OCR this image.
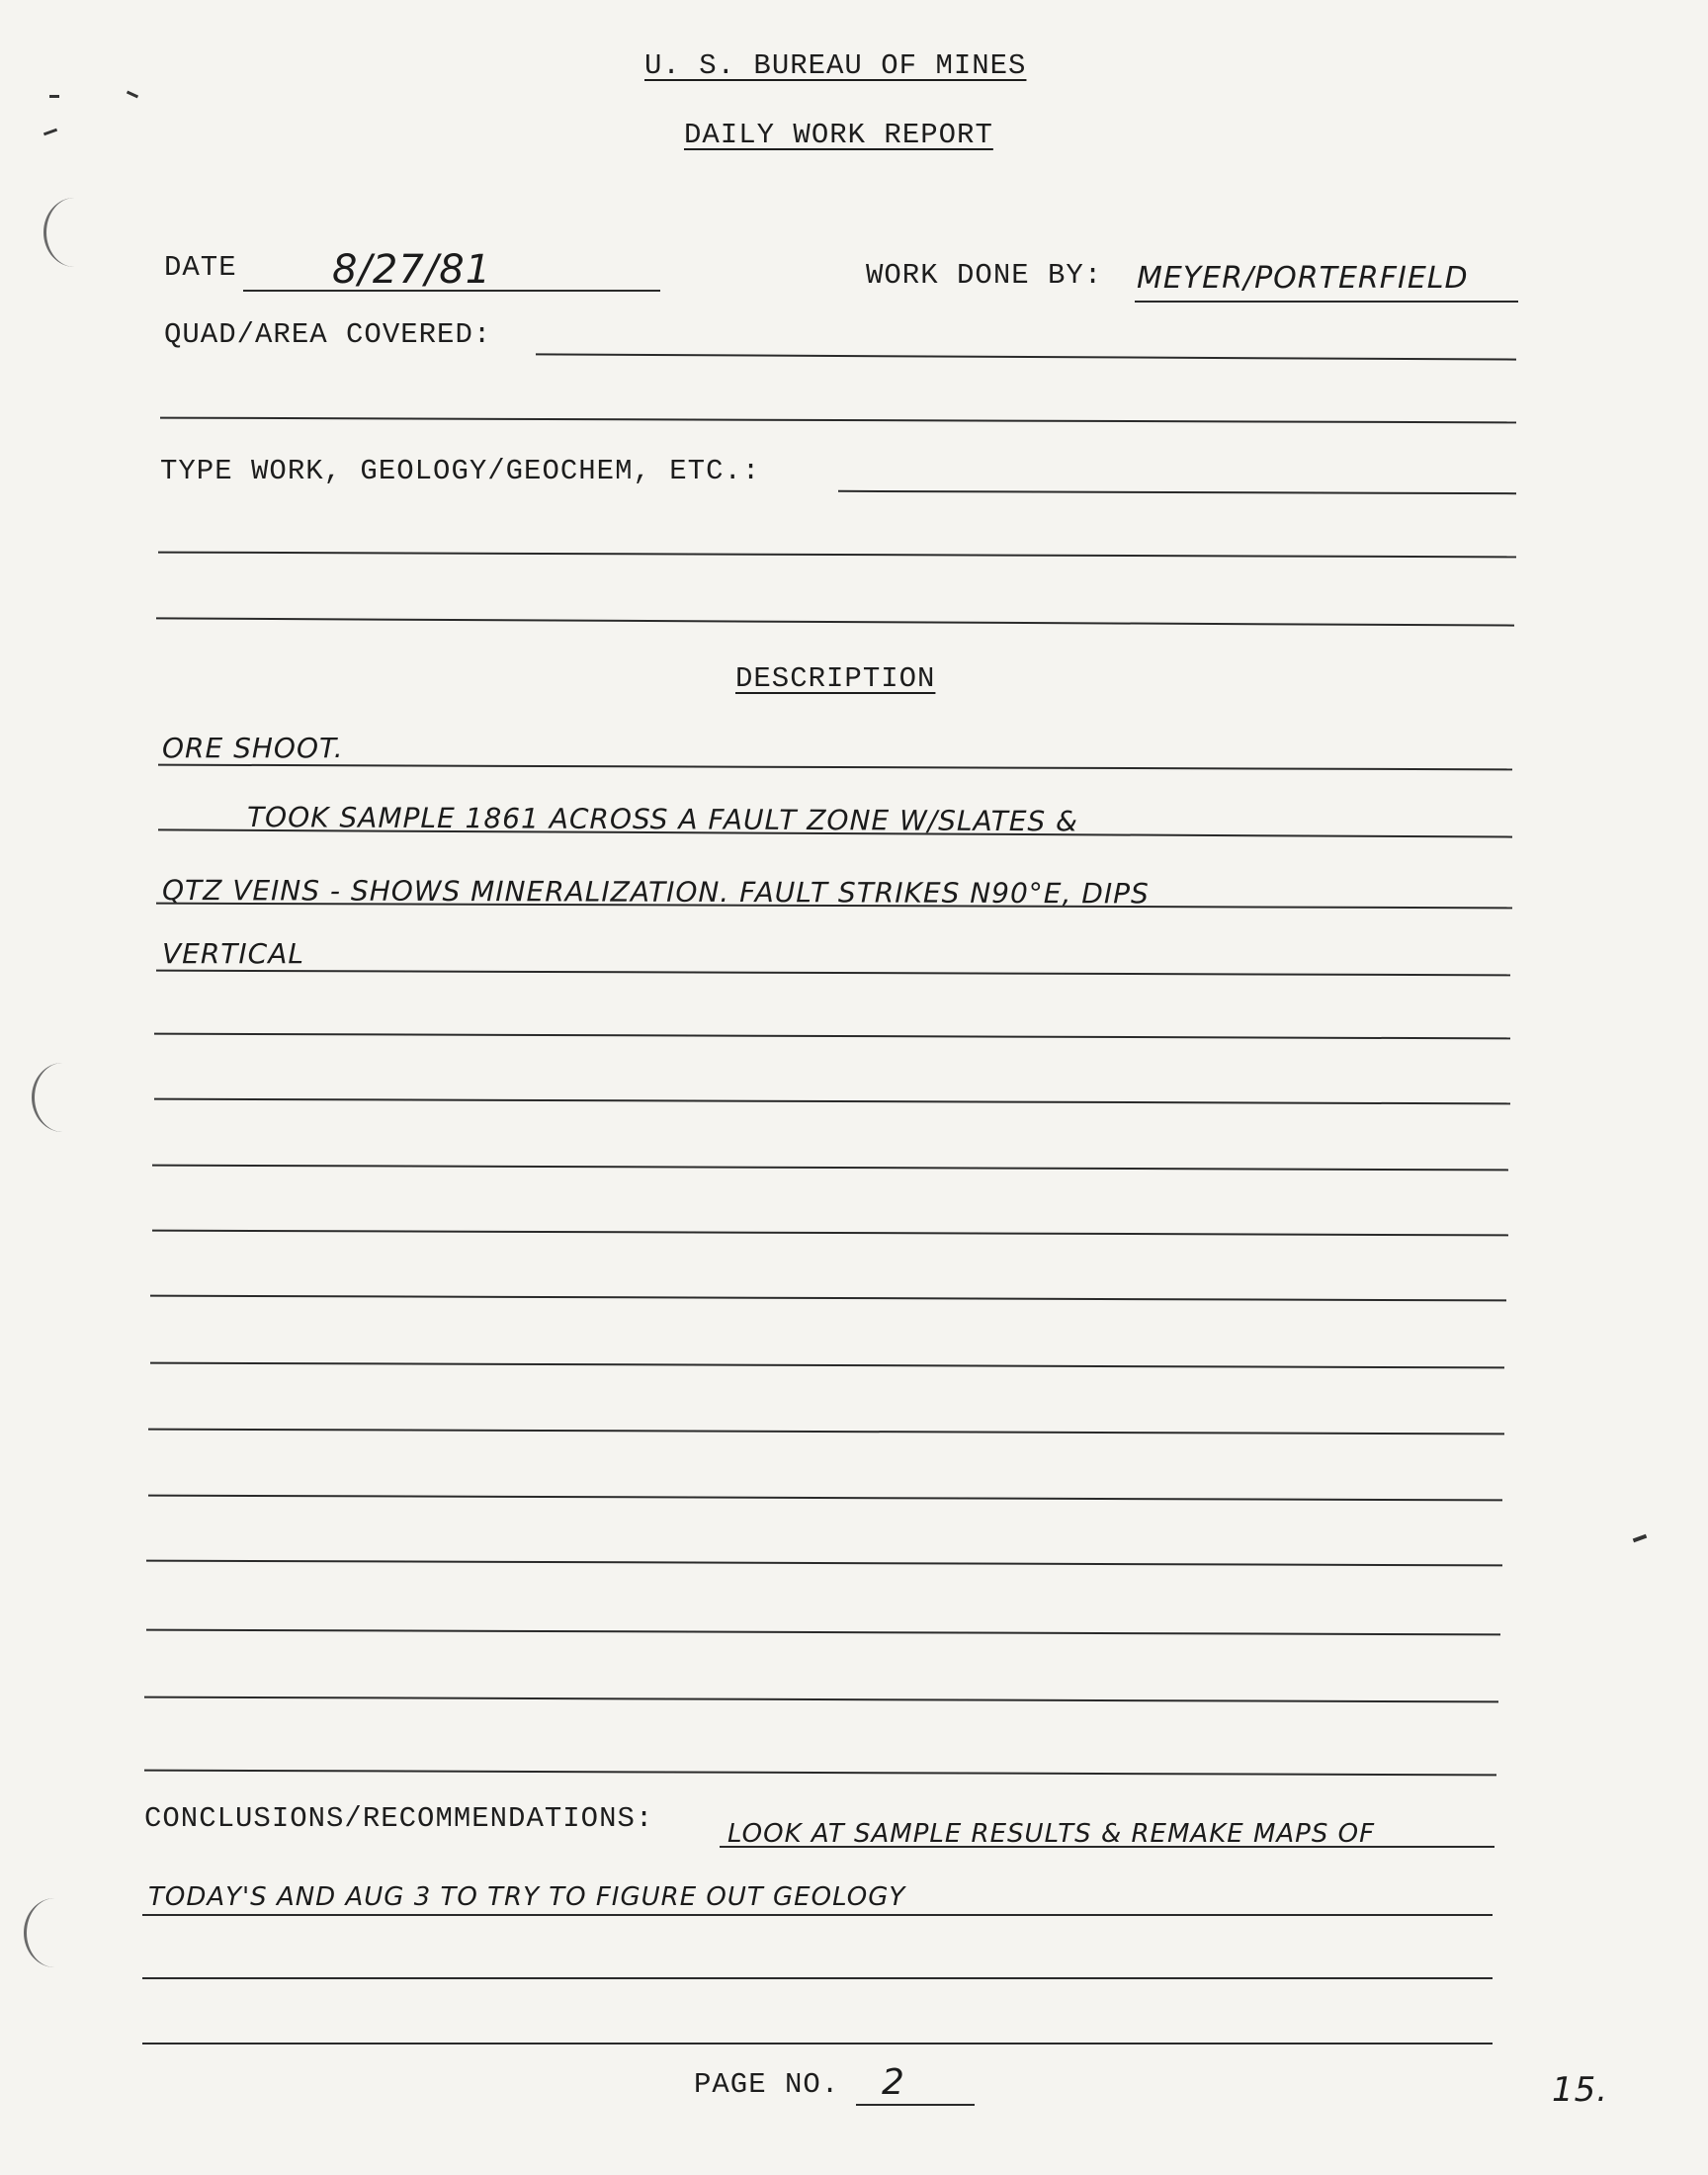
U. S. BUREAU OF MINES
DAILY WORK REPORT
DATE 8/27/81	WORK DONE BY: MEYER/PORTERFIELD
QUAD/AREA COVERED:
TYPE WORK, GEOLOGY/GEOCHEM, ETC.:
DESCRIPTION
ORE SHOOT.
TOOK SAMPLE 1861 ACROSS A FAULT ZONE W/SLATES &
QTZ VEINS - SHOWS MINERALIZATION. FAULT STRIKES N90°E, DIPS
VERTICAL
CONCLUSIONS/RECOMMENDATIONS:	LOOK AT SAMPLE RESULTS & REMAKE MAPS OF
TODAY'S AND AUG 3 TO TRY TO FIGURE OUT GEOLOGY
PAGE NO. 2	15.
